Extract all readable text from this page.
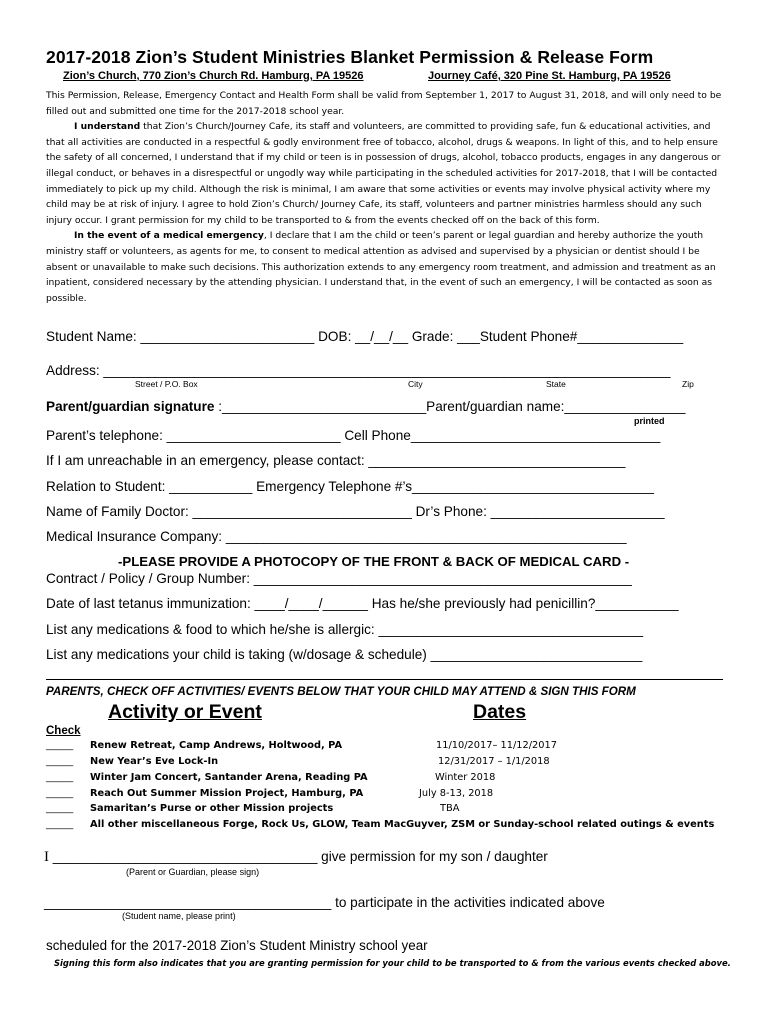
2017-2018 Zion’s Student Ministries Blanket Permission & Release Form
Zion’s Church, 770 Zion’s Church Rd. Hamburg, PA 19526	Journey Café, 320 Pine St. Hamburg, PA 19526

This Permission, Release, Emergency Contact and Health Form shall be valid from September 1, 2017 to August 31, 2018, and will only need to be filled out and submitted one time for the 2017-2018 school year.

I understand that Zion’s Church/Journey Cafe, its staff and volunteers, are committed to providing safe, fun & educational activities, and that all activities are conducted in a respectful & godly environment free of tobacco, alcohol, drugs & weapons. In light of this, and to help ensure the safety of all concerned, I understand that if my child or teen is in possession of drugs, alcohol, tobacco products, engages in any dangerous or illegal conduct, or behaves in a disrespectful or ungodly way while participating in the scheduled activities for 2017-2018, that I will be contacted immediately to pick up my child. Although the risk is minimal, I am aware that some activities or events may involve physical activity where my child may be at risk of injury. I agree to hold Zion’s Church/ Journey Cafe, its staff, volunteers and partner ministries harmless should any such injury occur. I grant permission for my child to be transported to & from the events checked off on the back of this form.

In the event of a medical emergency, I declare that I am the child or teen’s parent or legal guardian and hereby authorize the youth ministry staff or volunteers, as agents for me, to consent to medical attention as advised and supervised by a physician or dentist should I be absent or unavailable to make such decisions. This authorization extends to any emergency room treatment, and admission and treatment as an inpatient, considered necessary by the attending physician. I understand that, in the event of such an emergency, I will be contacted as soon as possible.

Student Name: _______________________ DOB: __/__/__ Grade: ___Student Phone#______________
Address: ___________________________________________________________________________
Street / P.O. Box	City	State	Zip
Parent/guardian signature :___________________________Parent/guardian name:________________
printed
Parent’s telephone: _______________________ Cell Phone_________________________________
If I am unreachable in an emergency, please contact: __________________________________
Relation to Student: ___________ Emergency Telephone #’s________________________________
Name of Family Doctor: _____________________________ Dr’s Phone: _______________________
Medical Insurance Company: _____________________________________________________
-PLEASE PROVIDE A PHOTOCOPY OF THE FRONT & BACK OF MEDICAL CARD -
Contract / Policy / Group Number: __________________________________________________
Date of last tetanus immunization: ____/____/______ Has he/she previously had penicillin?___________
List any medications & food to which he/she is allergic: ___________________________________
List any medications your child is taking (w/dosage & schedule) ____________________________
PARENTS, CHECK OFF ACTIVITIES/ EVENTS BELOW THAT YOUR CHILD MAY ATTEND & SIGN THIS FORM
Activity or Event	Dates
Check
_____ Renew Retreat, Camp Andrews, Holtwood, PA	11/10/2017– 11/12/2017
_____ New Year’s Eve Lock-In	12/31/2017 – 1/1/2018
_____ Winter Jam Concert, Santander Arena, Reading PA	Winter 2018
_____ Reach Out Summer Mission Project, Hamburg, PA	July 8-13, 2018
_____ Samaritan’s Purse or other Mission projects	TBA
_____ All other miscellaneous Forge, Rock Us, GLOW, Team MacGuyver, ZSM or Sunday-school related outings & events
I ___________________________________ give permission for my son / daughter
(Parent or Guardian, please sign)
______________________________________ to participate in the activities indicated above
(Student name, please print)
scheduled for the 2017-2018 Zion’s Student Ministry school year
Signing this form also indicates that you are granting permission for your child to be transported to & from the various events checked above.
